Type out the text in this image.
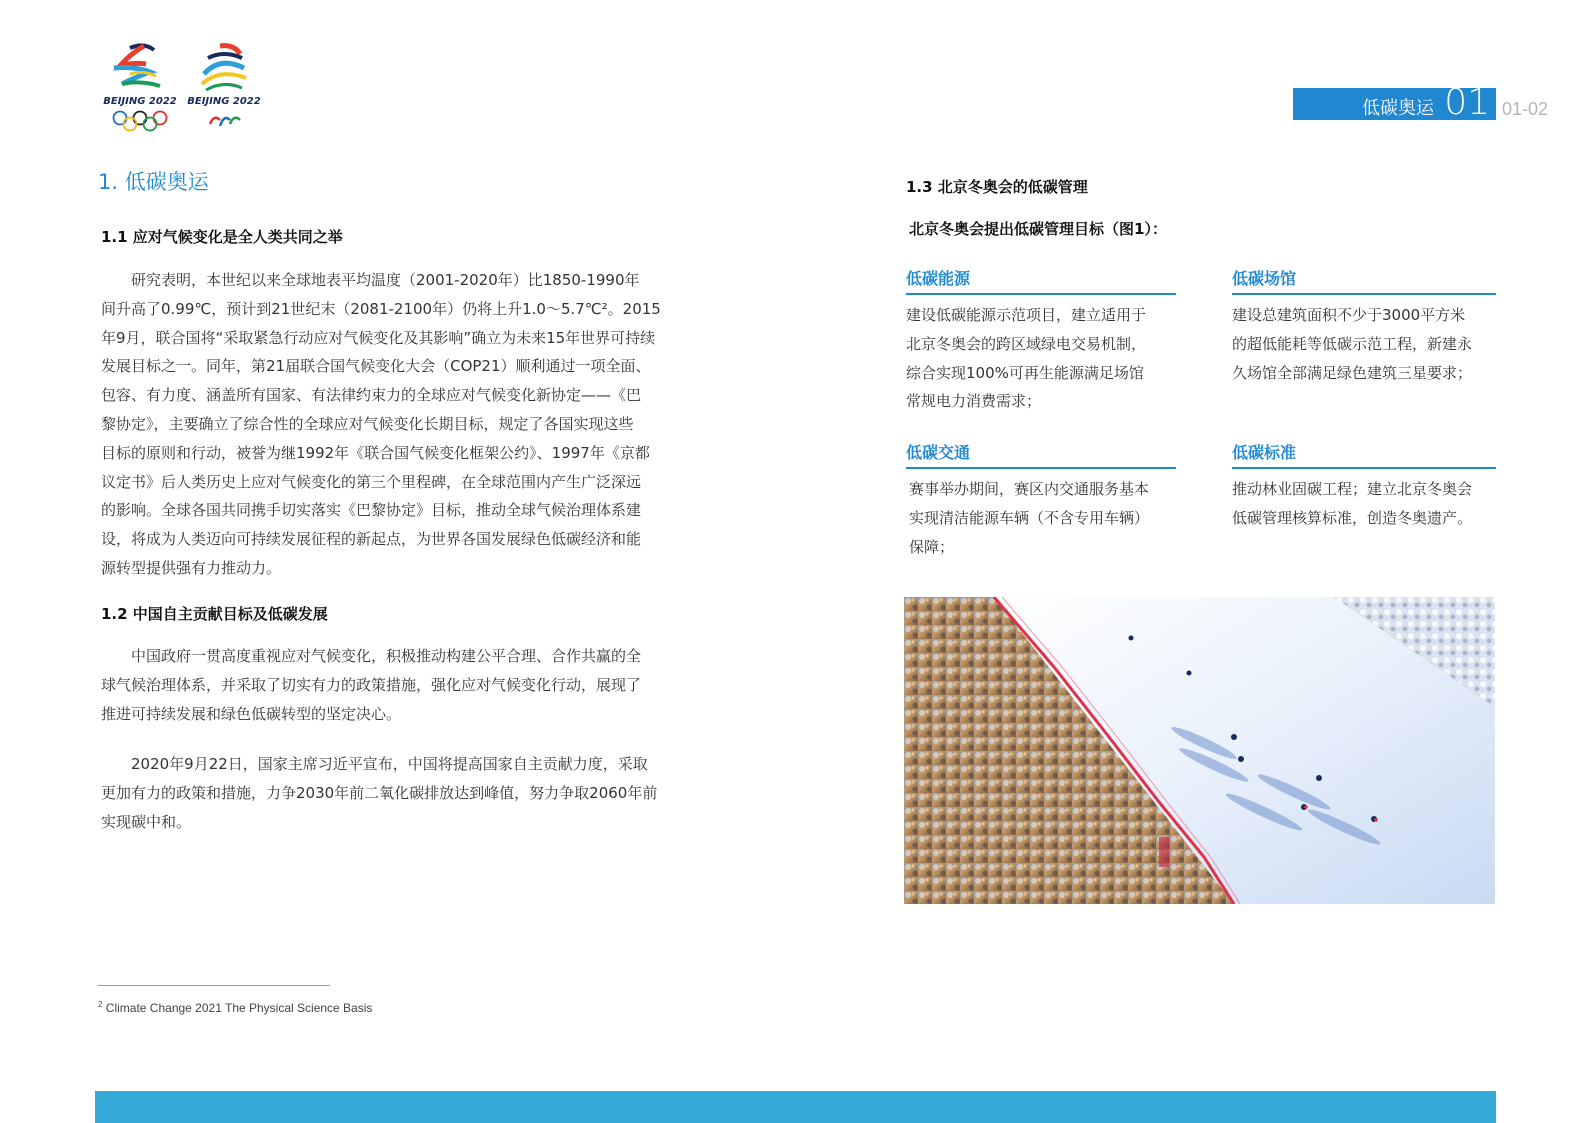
BEIJING 2022	BEIJING 2022	低碳奥运 01 01-02
1. 低碳奥运
1.1 应对气候变化是全人类共同之举
研究表明，本世纪以来全球地表平均温度（2001-2020年）比1850-1990年
间升高了0.99℃，预计到21世纪末（2081-2100年）仍将上升1.0～5.7℃²。2015
年9月，联合国将“采取紧急行动应对气候变化及其影响”确立为未来15年世界可持续
发展目标之一。同年，第21届联合国气候变化大会（COP21）顺利通过一项全面、
包容、有力度、涵盖所有国家、有法律约束力的全球应对气候变化新协定——《巴
黎协定》，主要确立了综合性的全球应对气候变化长期目标，规定了各国实现这些
目标的原则和行动，被誉为继1992年《联合国气候变化框架公约》、1997年《京都
议定书》后人类历史上应对气候变化的第三个里程碑，在全球范围内产生广泛深远
的影响。全球各国共同携手切实落实《巴黎协定》目标，推动全球气候治理体系建
设，将成为人类迈向可持续发展征程的新起点，为世界各国发展绿色低碳经济和能
源转型提供强有力推动力。
1.2 中国自主贡献目标及低碳发展
中国政府一贯高度重视应对气候变化，积极推动构建公平合理、合作共赢的全
球气候治理体系，并采取了切实有力的政策措施，强化应对气候变化行动，展现了
推进可持续发展和绿色低碳转型的坚定决心。
2020年9月22日，国家主席习近平宣布，中国将提高国家自主贡献力度，采取
更加有力的政策和措施，力争2030年前二氧化碳排放达到峰值，努力争取2060年前
实现碳中和。
1.3 北京冬奥会的低碳管理
北京冬奥会提出低碳管理目标（图1）：
低碳能源
建设低碳能源示范项目，建立适用于
北京冬奥会的跨区域绿电交易机制，
综合实现100%可再生能源满足场馆
常规电力消费需求；
低碳场馆
建设总建筑面积不少于3000平方米
的超低能耗等低碳示范工程，新建永
久场馆全部满足绿色建筑三星要求；
低碳交通
赛事举办期间，赛区内交通服务基本
实现清洁能源车辆（不含专用车辆）
保障；
低碳标准
推动林业固碳工程；建立北京冬奥会
低碳管理核算标准，创造冬奥遗产。
$^2$ Climate Change 2021 The Physical Science Basis
